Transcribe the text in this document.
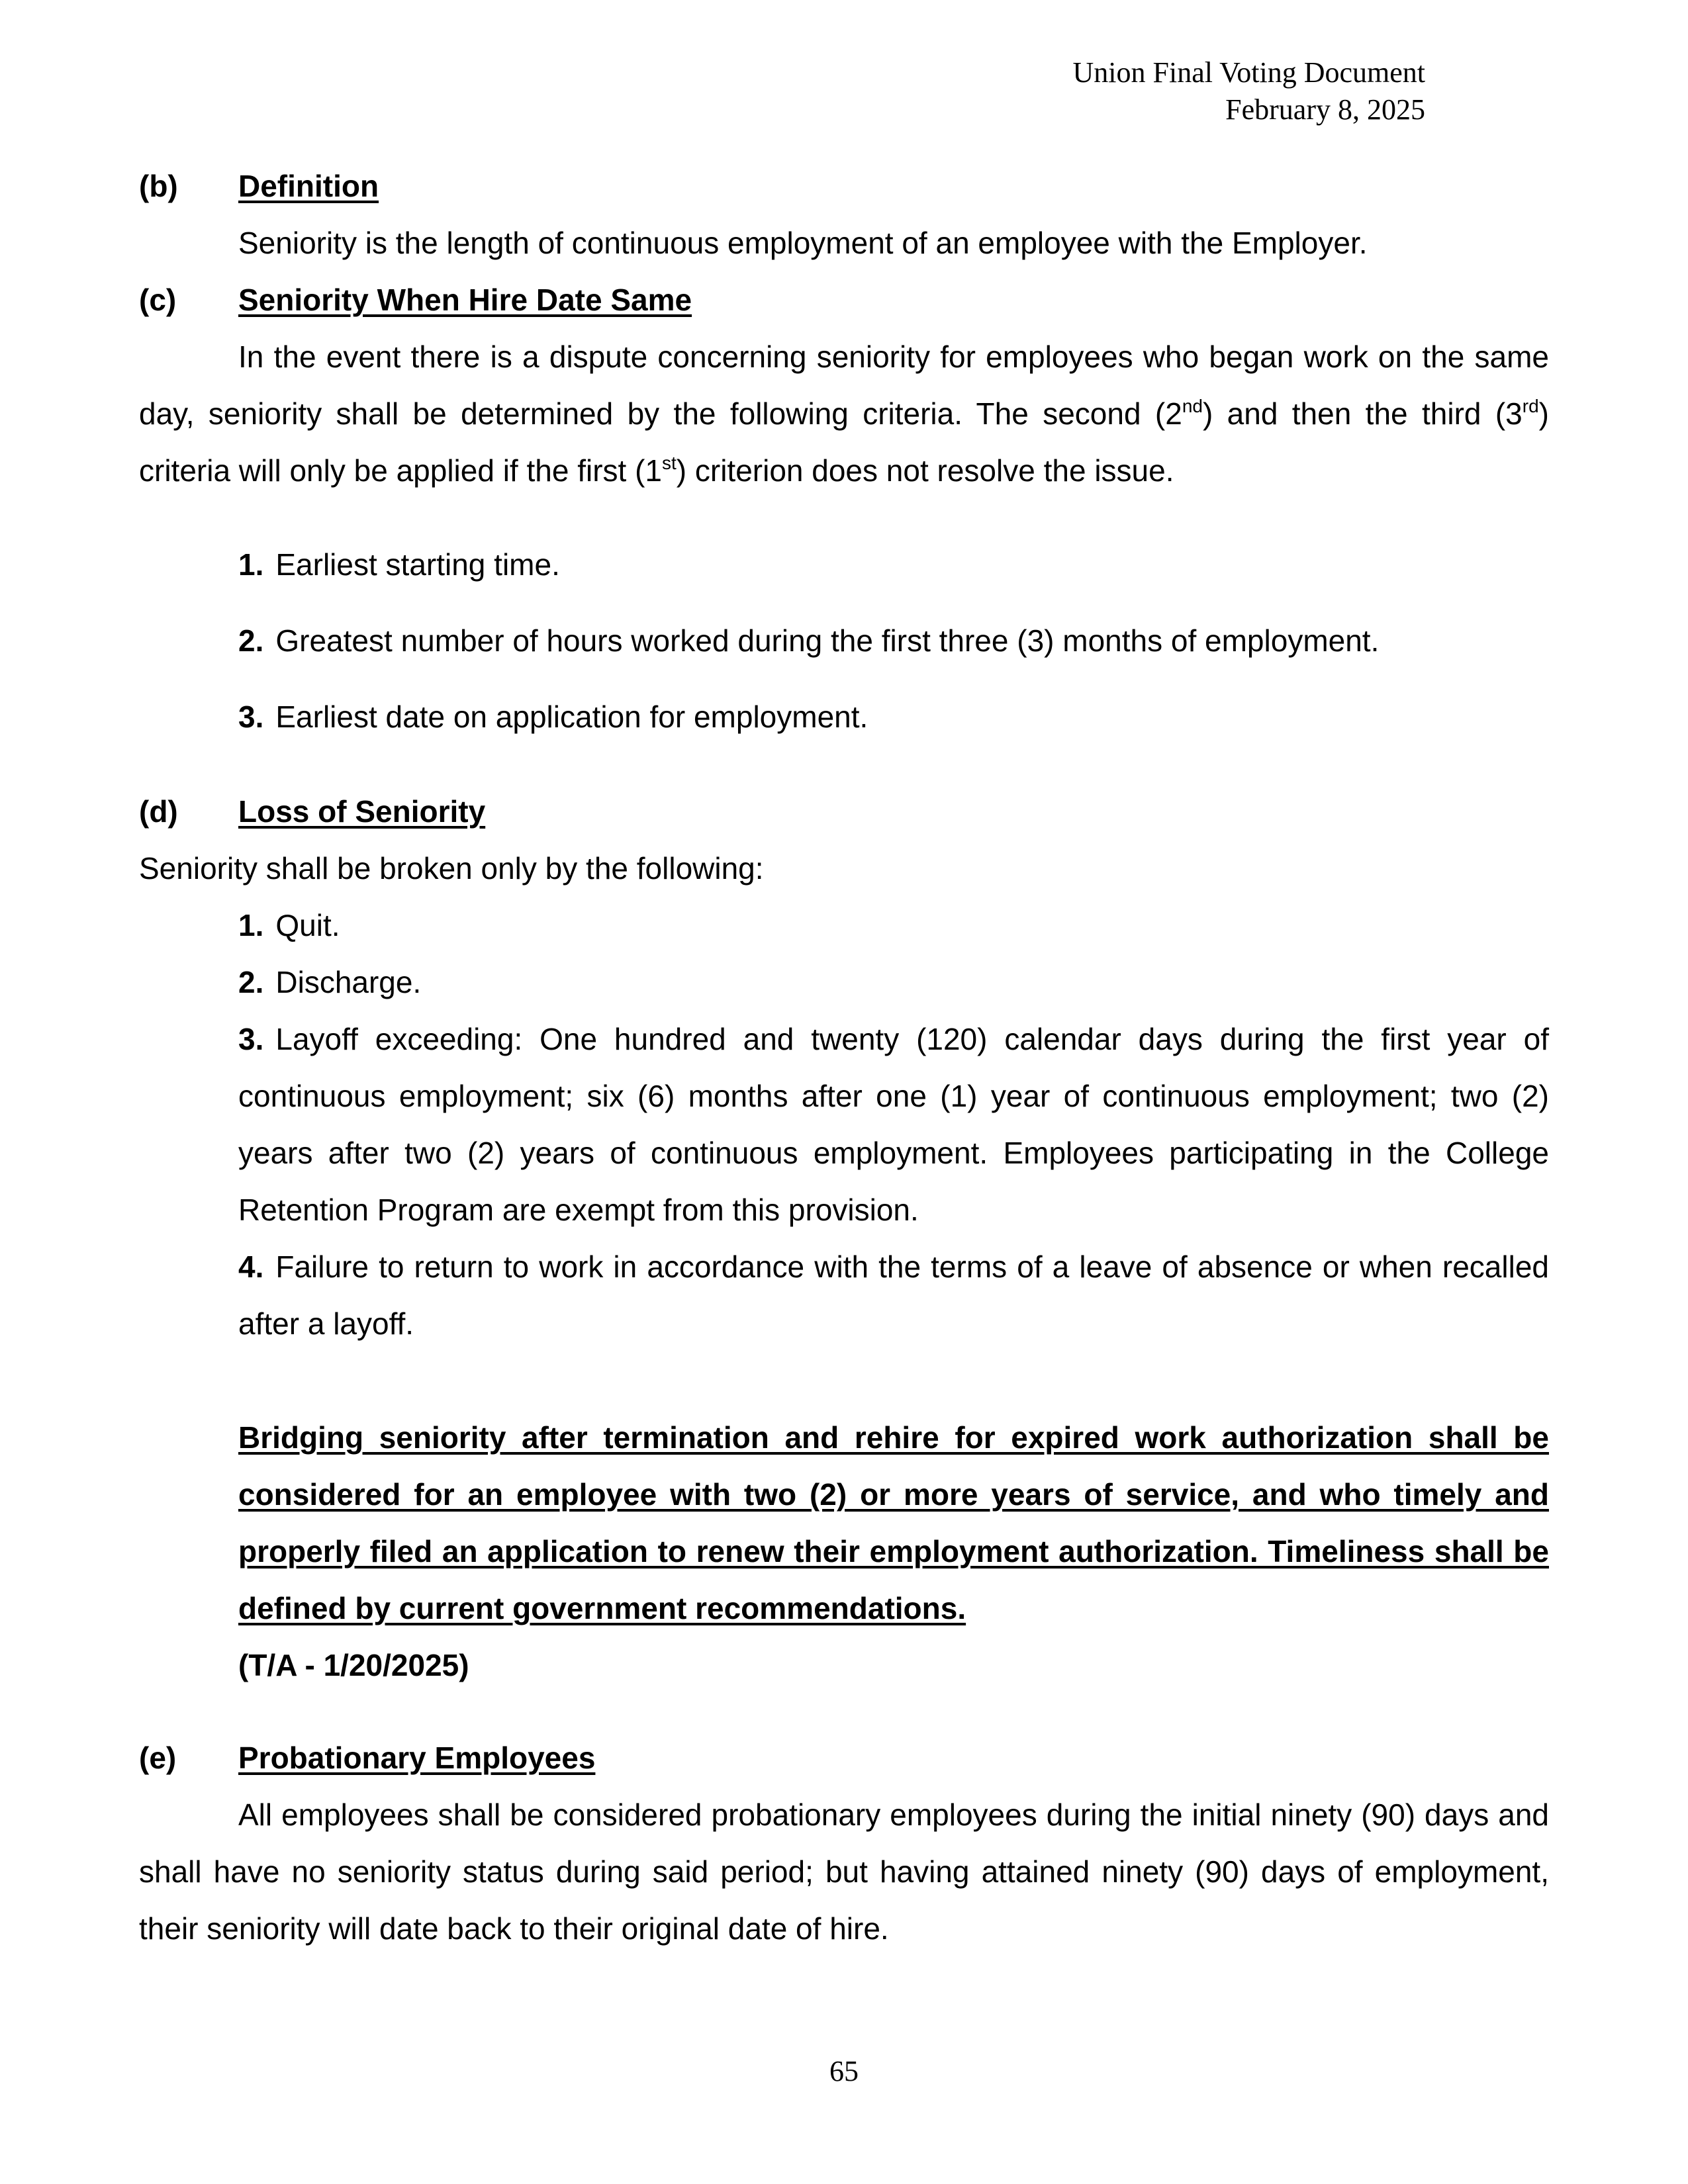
Union Final Voting Document
February 8, 2025
(b) Definition
Seniority is the length of continuous employment of an employee with the Employer.
(c) Seniority When Hire Date Same
In the event there is a dispute concerning seniority for employees who began work on the same day, seniority shall be determined by the following criteria. The second (2nd) and then the third (3rd) criteria will only be applied if the first (1st) criterion does not resolve the issue.
1. Earliest starting time.
2. Greatest number of hours worked during the first three (3) months of employment.
3. Earliest date on application for employment.
(d) Loss of Seniority
Seniority shall be broken only by the following:
1. Quit.
2. Discharge.
3. Layoff exceeding: One hundred and twenty (120) calendar days during the first year of continuous employment; six (6) months after one (1) year of continuous employment; two (2) years after two (2) years of continuous employment. Employees participating in the College Retention Program are exempt from this provision.
4. Failure to return to work in accordance with the terms of a leave of absence or when recalled after a layoff.
Bridging seniority after termination and rehire for expired work authorization shall be considered for an employee with two (2) or more years of service, and who timely and properly filed an application to renew their employment authorization. Timeliness shall be defined by current government recommendations.
(T/A - 1/20/2025)
(e) Probationary Employees
All employees shall be considered probationary employees during the initial ninety (90) days and shall have no seniority status during said period; but having attained ninety (90) days of employment, their seniority will date back to their original date of hire.
65
